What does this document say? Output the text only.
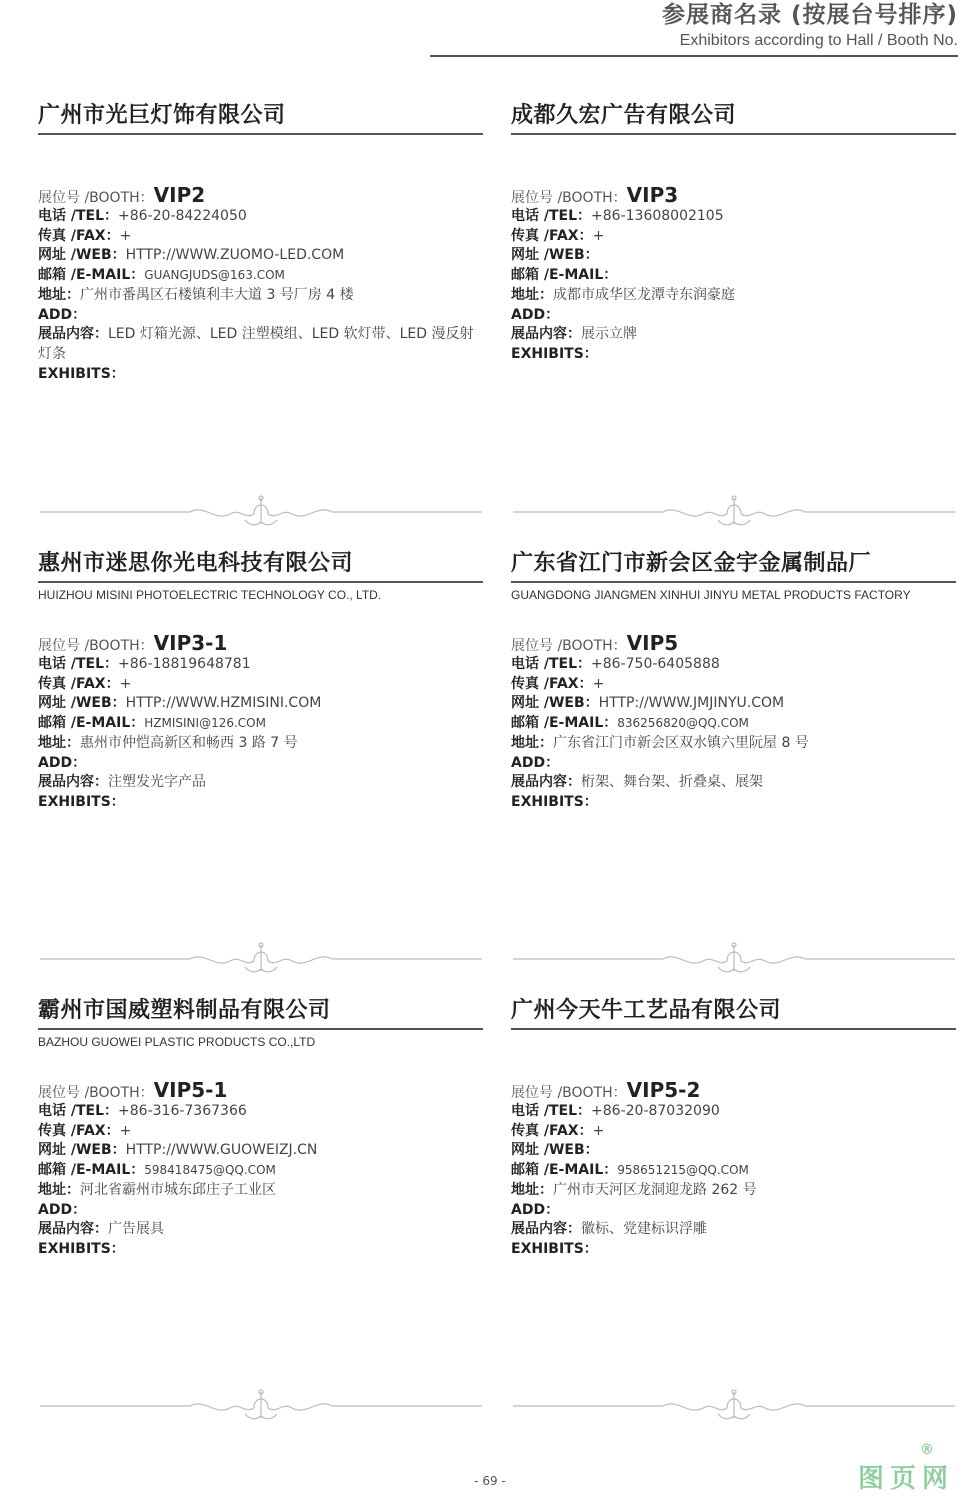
参展商名录 (按展台号排序)
Exhibitors according to Hall / Booth No.
广州市光巨灯饰有限公司
展位号 /BOOTH：VIP2
电话 /TEL：+86-20-84224050
传真 /FAX：+
网址 /WEB：HTTP://WWW.ZUOMO-LED.COM
邮箱 /E-MAIL：GUANGJUDS@163.COM
地址：广州市番禺区石楼镇利丰大道 3 号厂房 4 楼
ADD：
展品内容：LED 灯箱光源、LED 注塑模组、LED 软灯带、LED 漫反射灯条
EXHIBITS：
成都久宏广告有限公司
展位号 /BOOTH：VIP3
电话 /TEL：+86-13608002105
传真 /FAX：+
网址 /WEB：
邮箱 /E-MAIL：
地址：成都市成华区龙潭寺东润豪庭
ADD：
展品内容：展示立牌
EXHIBITS：
惠州市迷思你光电科技有限公司
HUIZHOU MISINI PHOTOELECTRIC TECHNOLOGY CO., LTD.
展位号 /BOOTH：VIP3-1
电话 /TEL：+86-18819648781
传真 /FAX：+
网址 /WEB：HTTP://WWW.HZMISINI.COM
邮箱 /E-MAIL：HZMISINI@126.COM
地址：惠州市仲恺高新区和畅西 3 路 7 号
ADD：
展品内容：注塑发光字产品
EXHIBITS：
广东省江门市新会区金宇金属制品厂
GUANGDONG JIANGMEN XINHUI JINYU METAL PRODUCTS FACTORY
展位号 /BOOTH：VIP5
电话 /TEL：+86-750-6405888
传真 /FAX：+
网址 /WEB：HTTP://WWW.JMJINYU.COM
邮箱 /E-MAIL：836256820@QQ.COM
地址：广东省江门市新会区双水镇六里阮屋 8 号
ADD：
展品内容：桁架、舞台架、折叠桌、展架
EXHIBITS：
霸州市国威塑料制品有限公司
BAZHOU GUOWEI PLASTIC PRODUCTS CO.,LTD
展位号 /BOOTH：VIP5-1
电话 /TEL：+86-316-7367366
传真 /FAX：+
网址 /WEB：HTTP://WWW.GUOWEIZJ.CN
邮箱 /E-MAIL：598418475@QQ.COM
地址：河北省霸州市城东邱庄子工业区
ADD：
展品内容：广告展具
EXHIBITS：
广州今天牛工艺品有限公司
展位号 /BOOTH：VIP5-2
电话 /TEL：+86-20-87032090
传真 /FAX：+
网址 /WEB：
邮箱 /E-MAIL：958651215@QQ.COM
地址：广州市天河区龙洞迎龙路 262 号
ADD：
展品内容：徽标、党建标识浮雕
EXHIBITS：
- 69 -	图页网
®
